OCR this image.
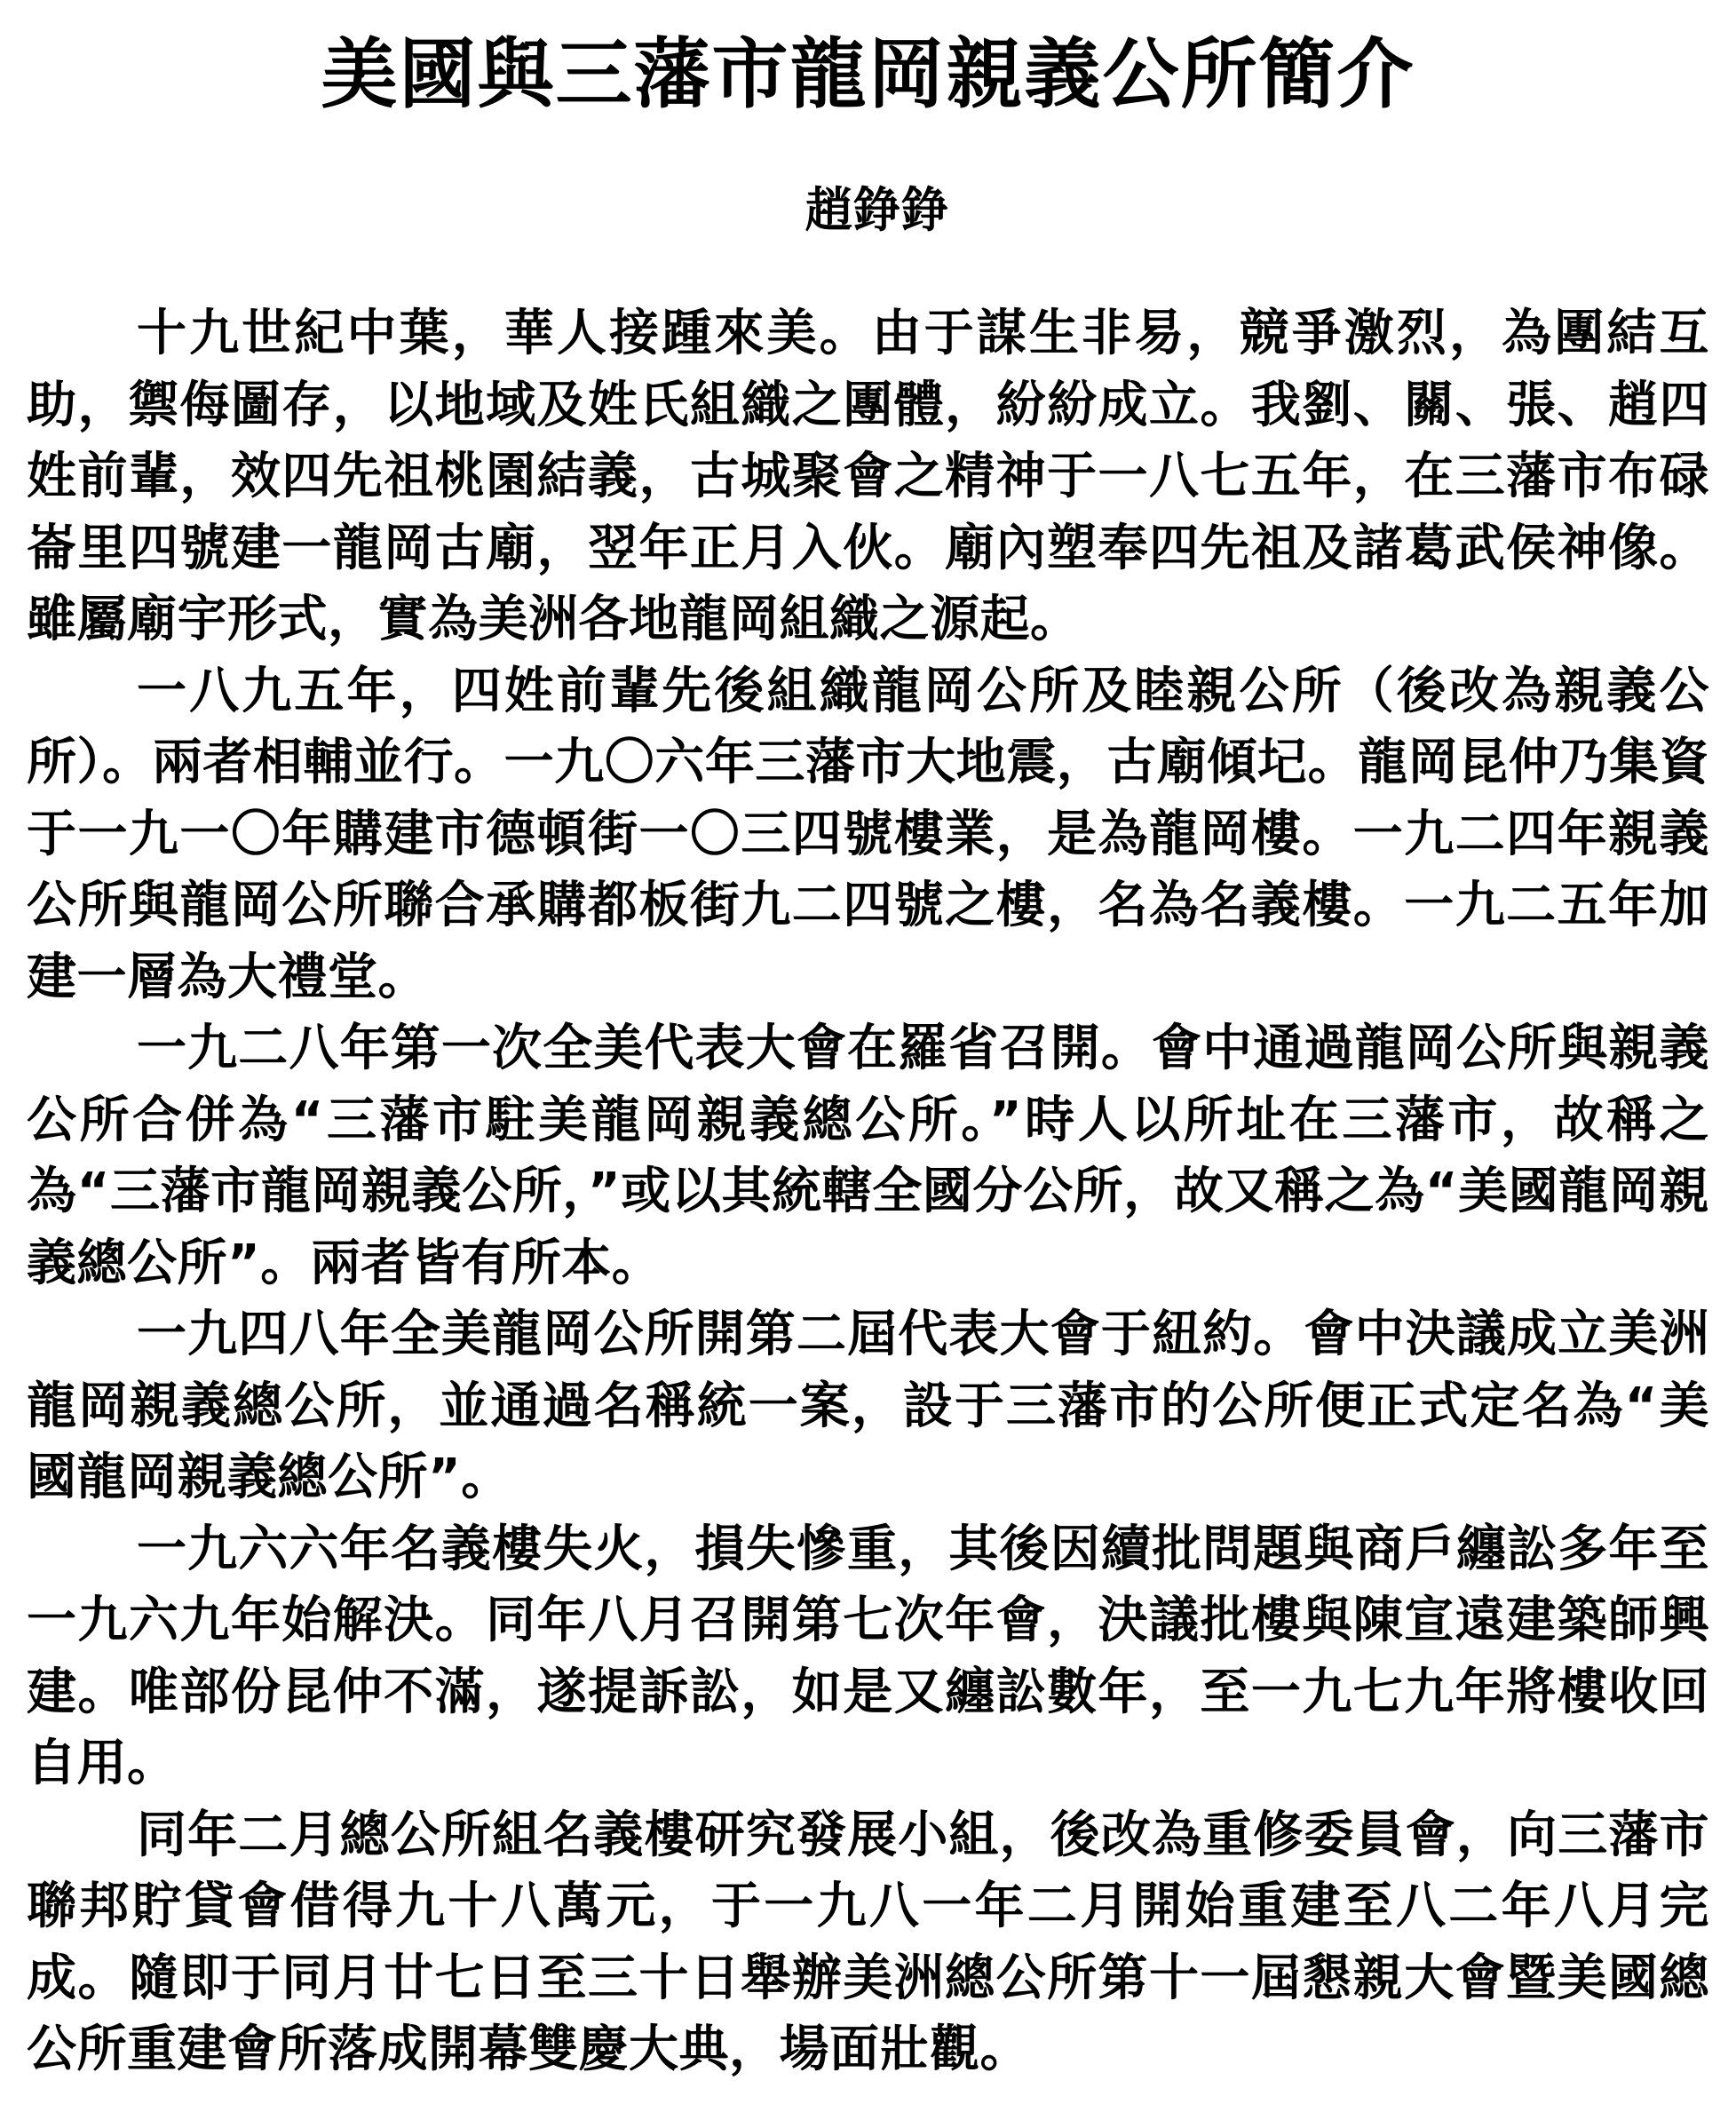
美國與三藩市龍岡親義公所簡介
趙錚錚

十九世紀中葉，華人接踵來美。由于謀生非易，競爭激烈，為團結互助，禦侮圖存，以地域及姓氏組織之團體，紛紛成立。我劉、關、張、趙四姓前輩，效四先祖桃園結義，古城聚會之精神于一八七五年，在三藩市布碌崙里四號建一龍岡古廟，翌年正月入伙。廟內塑奉四先祖及諸葛武侯神像。雖屬廟宇形式，實為美洲各地龍岡組織之源起。

一八九五年，四姓前輩先後組織龍岡公所及睦親公所（後改為親義公所）。兩者相輔並行。一九〇六年三藩市大地震，古廟傾圮。龍岡昆仲乃集資于一九一〇年購建市德頓街一〇三四號樓業，是為龍岡樓。一九二四年親義公所與龍岡公所聯合承購都板街九二四號之樓，名為名義樓。一九二五年加建一層為大禮堂。

一九二八年第一次全美代表大會在羅省召開。會中通過龍岡公所與親義公所合併為“三藩市駐美龍岡親義總公所。”時人以所址在三藩市，故稱之為“三藩市龍岡親義公所，”或以其統轄全國分公所，故又稱之為“美國龍岡親義總公所”。兩者皆有所本。

一九四八年全美龍岡公所開第二屆代表大會于紐約。會中決議成立美洲龍岡親義總公所，並通過名稱統一案，設于三藩市的公所便正式定名為“美國龍岡親義總公所”。

一九六六年名義樓失火，損失慘重，其後因續批問題與商戶纏訟多年至一九六九年始解決。同年八月召開第七次年會，決議批樓與陳宣遠建築師興建。唯部份昆仲不滿，遂提訴訟，如是又纏訟數年，至一九七九年將樓收回自用。

同年二月總公所組名義樓研究發展小組，後改為重修委員會，向三藩市聯邦貯貸會借得九十八萬元，于一九八一年二月開始重建至八二年八月完成。隨即于同月廿七日至三十日舉辦美洲總公所第十一屆懇親大會暨美國總公所重建會所落成開幕雙慶大典，場面壯觀。
